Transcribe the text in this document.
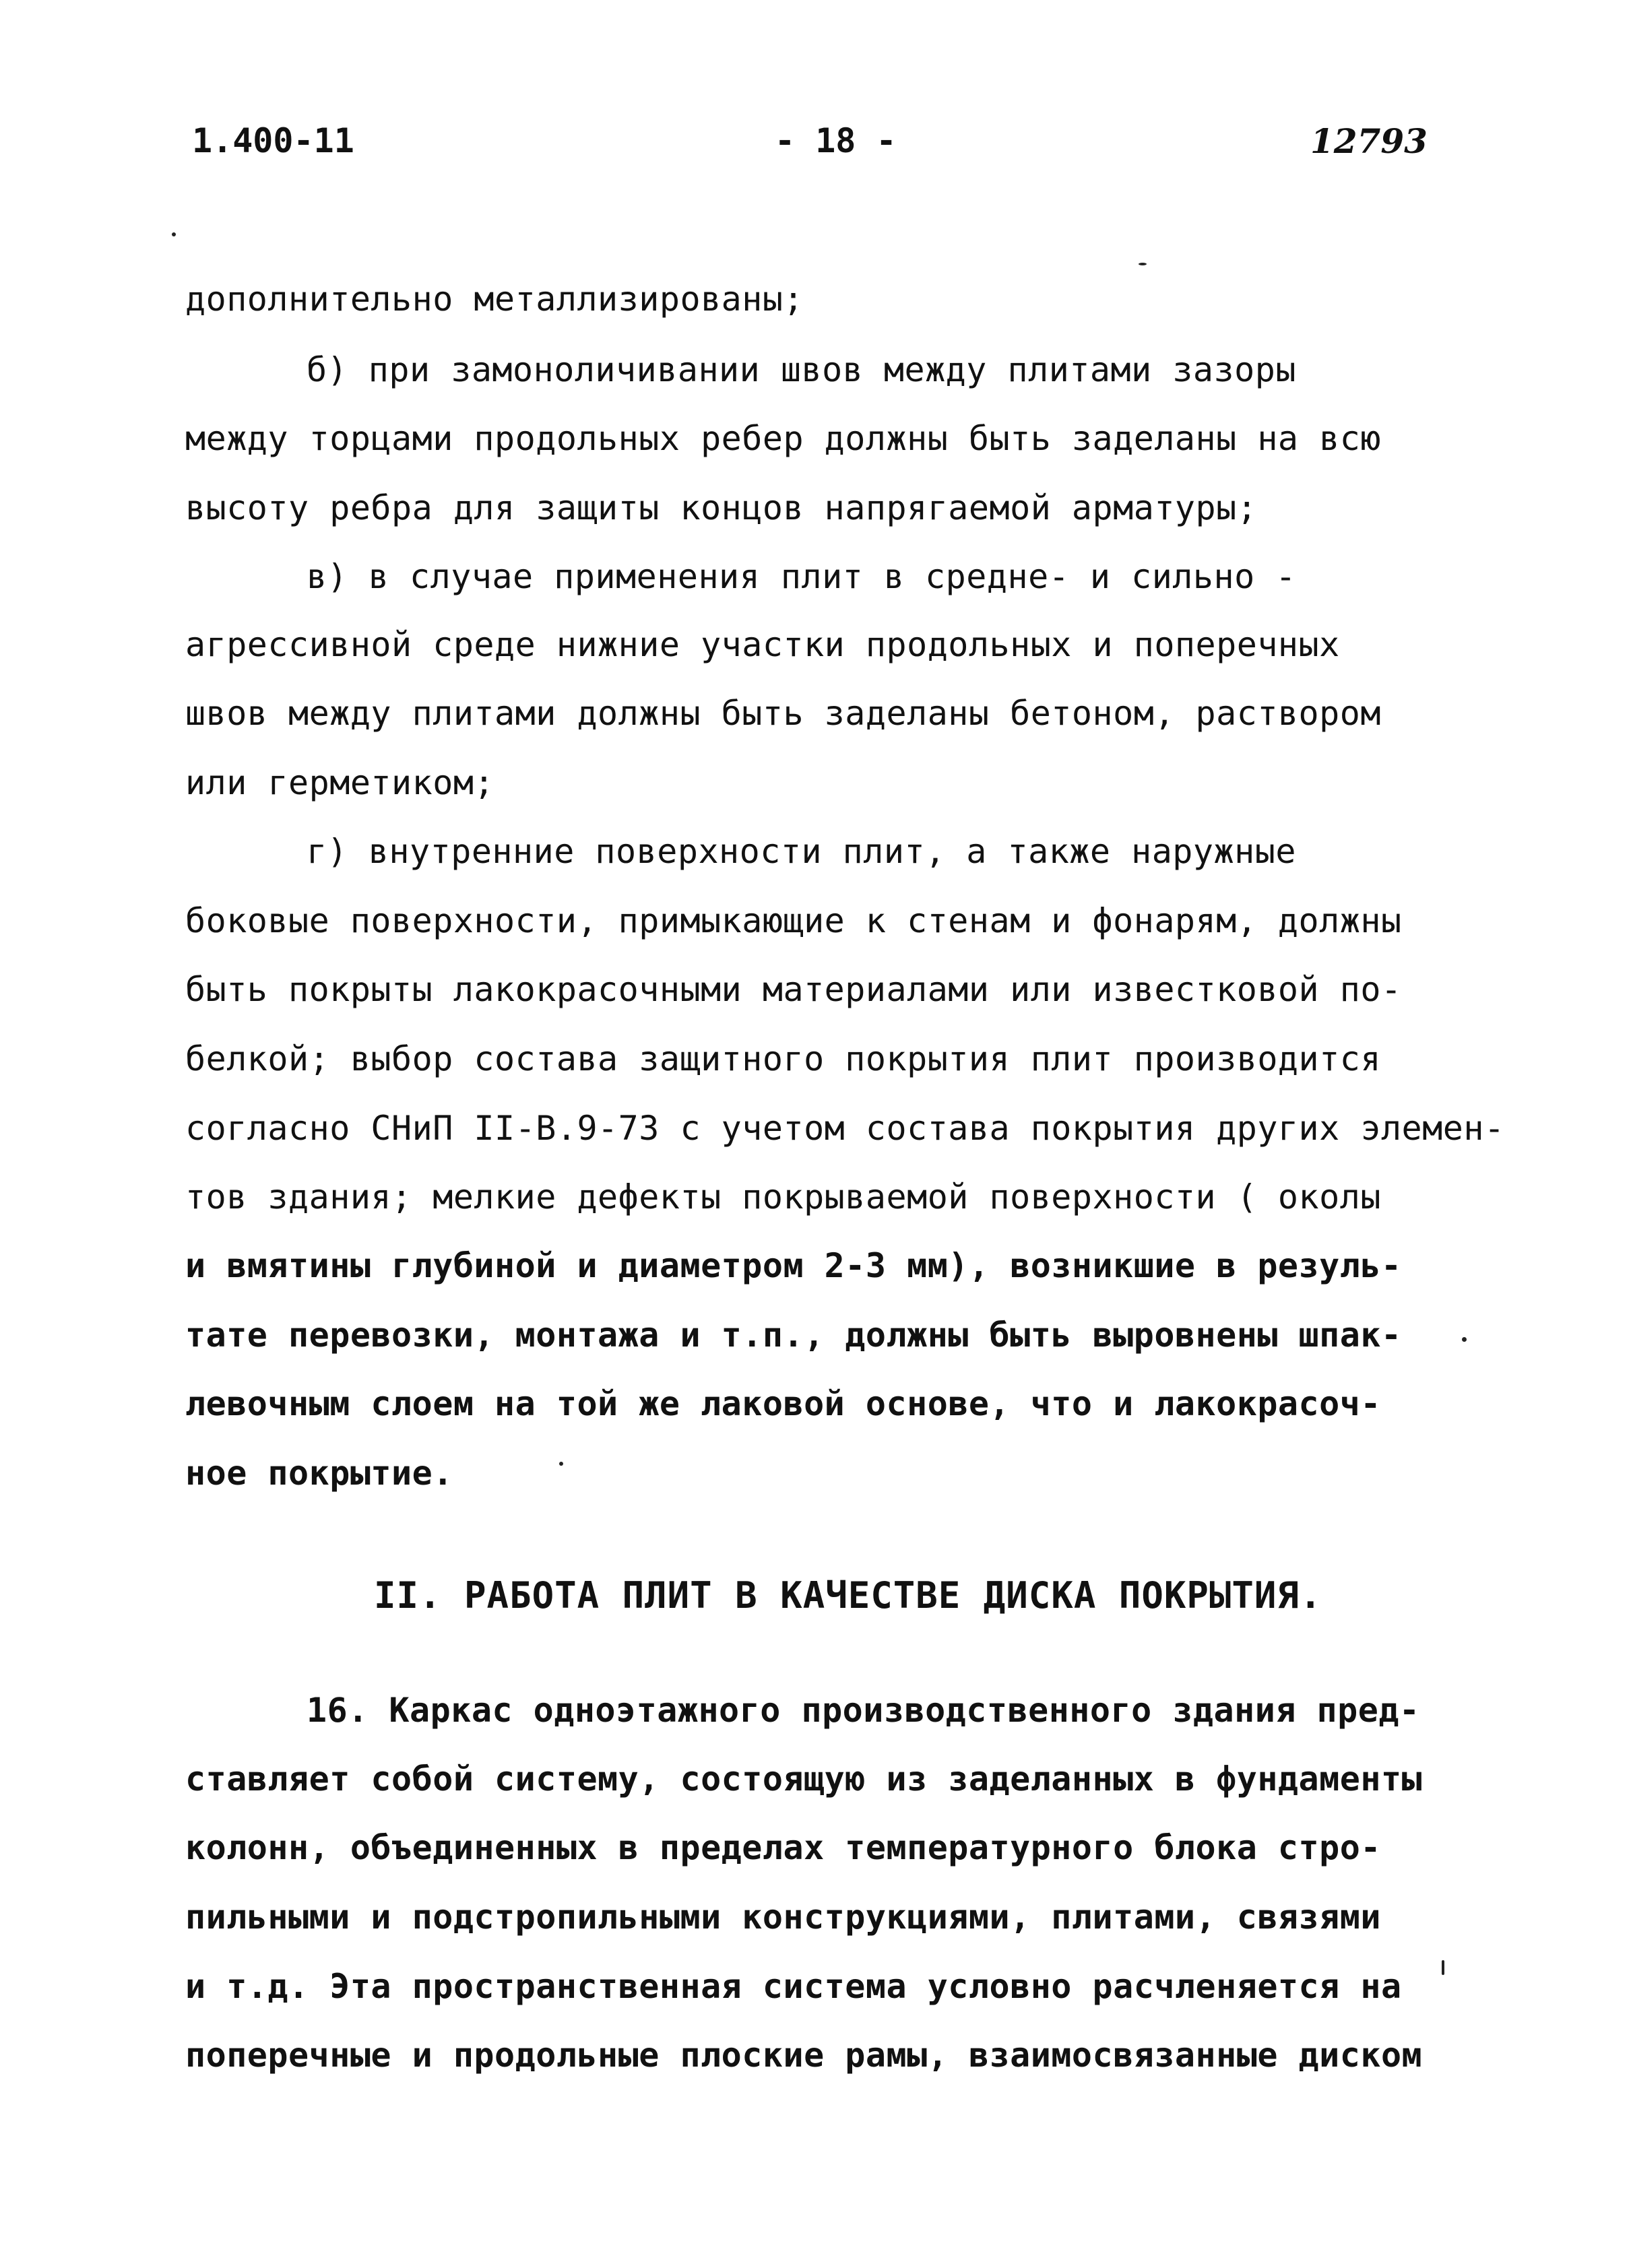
1.400-11	- 18 -	12793
дополнительно металлизированы;
б) при замоноличивании швов между плитами зазоры
между торцами продольных ребер должны быть заделаны на всю
высоту ребра для защиты концов напрягаемой арматуры;
в) в случае применения плит в средне- и сильно -
агрессивной среде нижние участки продольных и поперечных
швов между плитами должны быть заделаны бетоном, раствором
или герметиком;
г) внутренние поверхности плит, а также наружные
боковые поверхности, примыкающие к стенам и фонарям, должны
быть покрыты лакокрасочными материалами или известковой по-
белкой; выбор состава защитного покрытия плит производится
согласно СНиП II-В.9-73 с учетом состава покрытия других элемен-
тов здания; мелкие дефекты покрываемой поверхности ( околы
и вмятины глубиной и диаметром 2-3 мм), возникшие в резуль-
тате перевозки, монтажа и т.п., должны быть выровнены шпак-
левочным слоем на той же лаковой основе, что и лакокрасоч-
ное покрытие.
II. РАБОТА ПЛИТ В КАЧЕСТВЕ ДИСКА ПОКРЫТИЯ.
16. Каркас одноэтажного производственного здания пред-
ставляет собой систему, состоящую из заделанных в фундаменты
колонн, объединенных в пределах температурного блока стро-
пильными и подстропильными конструкциями, плитами, связями
и т.д. Эта пространственная система условно расчленяется на
поперечные и продольные плоские рамы, взаимосвязанные диском
